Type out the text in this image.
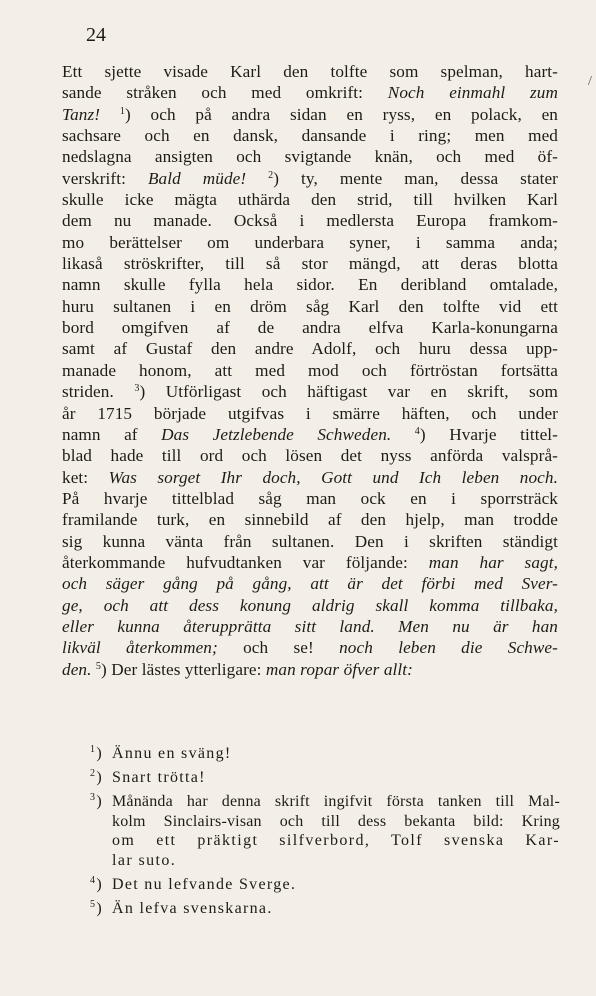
24
/
Ett sjette visade Karl den tolfte som spelman, hart-
sande stråken och med omkrift: Noch einmahl zum
Tanz! $^1$) och på andra sidan en ryss, en polack, en
sachsare och en dansk, dansande i ring; men med
nedslagna ansigten och svigtande knän, och med öf-
verskrift: Bald müde! $^2$) ty, mente man, dessa stater
skulle icke mägta uthärda den strid, till hvilken Karl
dem nu manade. Också i medlersta Europa framkom-
mo berättelser om underbara syner, i samma anda;
likaså ströskrifter, till så stor mängd, att deras blotta
namn skulle fylla hela sidor. En deribland omtalade,
huru sultanen i en dröm såg Karl den tolfte vid ett
bord omgifven af de andra elfva Karla-konungarna
samt af Gustaf den andre Adolf, och huru dessa upp-
manade honom, att med mod och förtröstan fortsätta
striden. $^3$) Utförligast och häftigast var en skrift, som
år 1715 började utgifvas i smärre häften, och under
namn af Das Jetzlebende Schweden. $^4$) Hvarje tittel-
blad hade till ord och lösen det nyss anförda valsprå-
ket: Was sorget Ihr doch, Gott und Ich leben noch.
På hvarje tittelblad såg man ock en i sporrsträck
framilande turk, en sinnebild af den hjelp, man trodde
sig kunna vänta från sultanen. Den i skriften ständigt
återkommande hufvudtanken var följande: man har sagt,
och säger gång på gång, att är det förbi med Sver-
ge, och att dess konung aldrig skall komma tillbaka,
eller kunna återupprätta sitt land. Men nu är han
likväl återkommen; och se! noch leben die Schwe-
den. $^5$) Der lästes ytterligare: man ropar öfver allt:
$^1$) Ännu en sväng!
$^2$) Snart trötta!
$^3$) Månända har denna skrift ingifvit första tanken till Mal-
kolm Sinclairs-visan och till dess bekanta bild: Kring
om ett präktigt silfverbord, Tolf svenska Kar-
lar suto.
$^4$) Det nu lefvande Sverge.
$^5$) Än lefva svenskarna.
